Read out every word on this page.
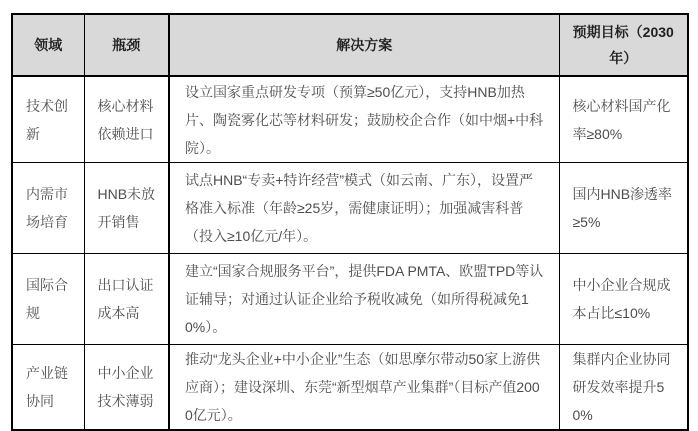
领域	瓶颈	解决方案	预期目标（2030年）
技术创新	核心材料依赖进口	设立国家重点研发专项（预算≥50亿元），支持HNB加热片、陶瓷雾化芯等材料研发；鼓励校企合作（如中烟+中科院）。	核心材料国产化率≥80%
内需市场培育	HNB未放开销售	试点HNB“专卖+特许经营”模式（如云南、广东），设置严格准入标准（年龄≥25岁，需健康证明）；加强减害科普（投入≥10亿元/年）。	国内HNB渗透率≥5%
国际合规	出口认证成本高	建立“国家合规服务平台”，提供FDA PMTA、欧盟TPD等认证辅导；对通过认证企业给予税收减免（如所得税减免10%）。	中小企业合规成本占比≤10%
产业链协同	中小企业技术薄弱	推动“龙头企业+中小企业”生态（如思摩尔带动50家上游供应商）；建设深圳、东莞“新型烟草产业集群”（目标产值2000亿元）。	集群内企业协同研发效率提升50%
